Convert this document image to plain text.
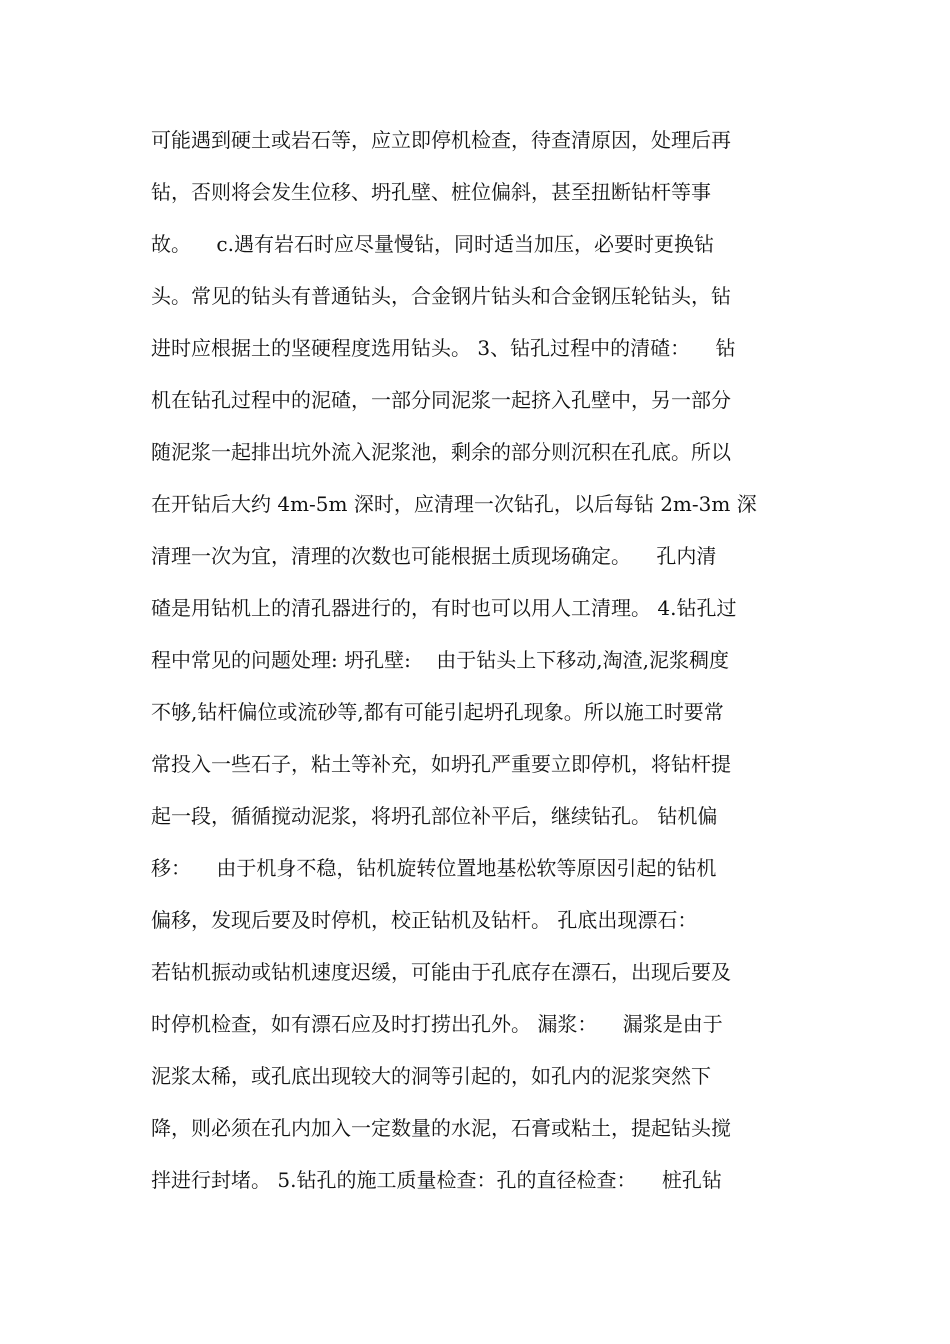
可能遇到硬土或岩石等，应立即停机检查，待查清原因，处理后再
钻，否则将会发生位移、坍孔壁、桩位偏斜，甚至扭断钻杆等事
故。    c.遇有岩石时应尽量慢钻，同时适当加压，必要时更换钻
头。常见的钻头有普通钻头，合金钢片钻头和合金钢压轮钻头，钻
进时应根据土的坚硬程度选用钻头。 3、钻孔过程中的清碴：    钻
机在钻孔过程中的泥碴，一部分同泥浆一起挤入孔壁中，另一部分
随泥浆一起排出坑外流入泥浆池，剩余的部分则沉积在孔底。所以
在开钻后大约 4m-5m 深时，应清理一次钻孔，以后每钻 2m-3m 深
清理一次为宜，清理的次数也可能根据土质现场确定。    孔内清
碴是用钻机上的清孔器进行的，有时也可以用人工清理。 4.钻孔过
程中常见的问题处理: 坍孔壁:    由于钻头上下移动,淘渣,泥浆稠度
不够,钻杆偏位或流砂等,都有可能引起坍孔现象。所以施工时要常
常投入一些石子，粘土等补充，如坍孔严重要立即停机，将钻杆提
起一段，循循搅动泥浆，将坍孔部位补平后，继续钻孔。 钻机偏
移：    由于机身不稳，钻机旋转位置地基松软等原因引起的钻机
偏移，发现后要及时停机，校正钻机及钻杆。 孔底出现漂石：
若钻机振动或钻机速度迟缓，可能由于孔底存在漂石，出现后要及
时停机检查，如有漂石应及时打捞出孔外。 漏浆：    漏浆是由于
泥浆太稀，或孔底出现较大的洞等引起的，如孔内的泥浆突然下
降，则必须在孔内加入一定数量的水泥，石膏或粘土，提起钻头搅
拌进行封堵。 5.钻孔的施工质量检查：孔的直径检查：    桩孔钻
